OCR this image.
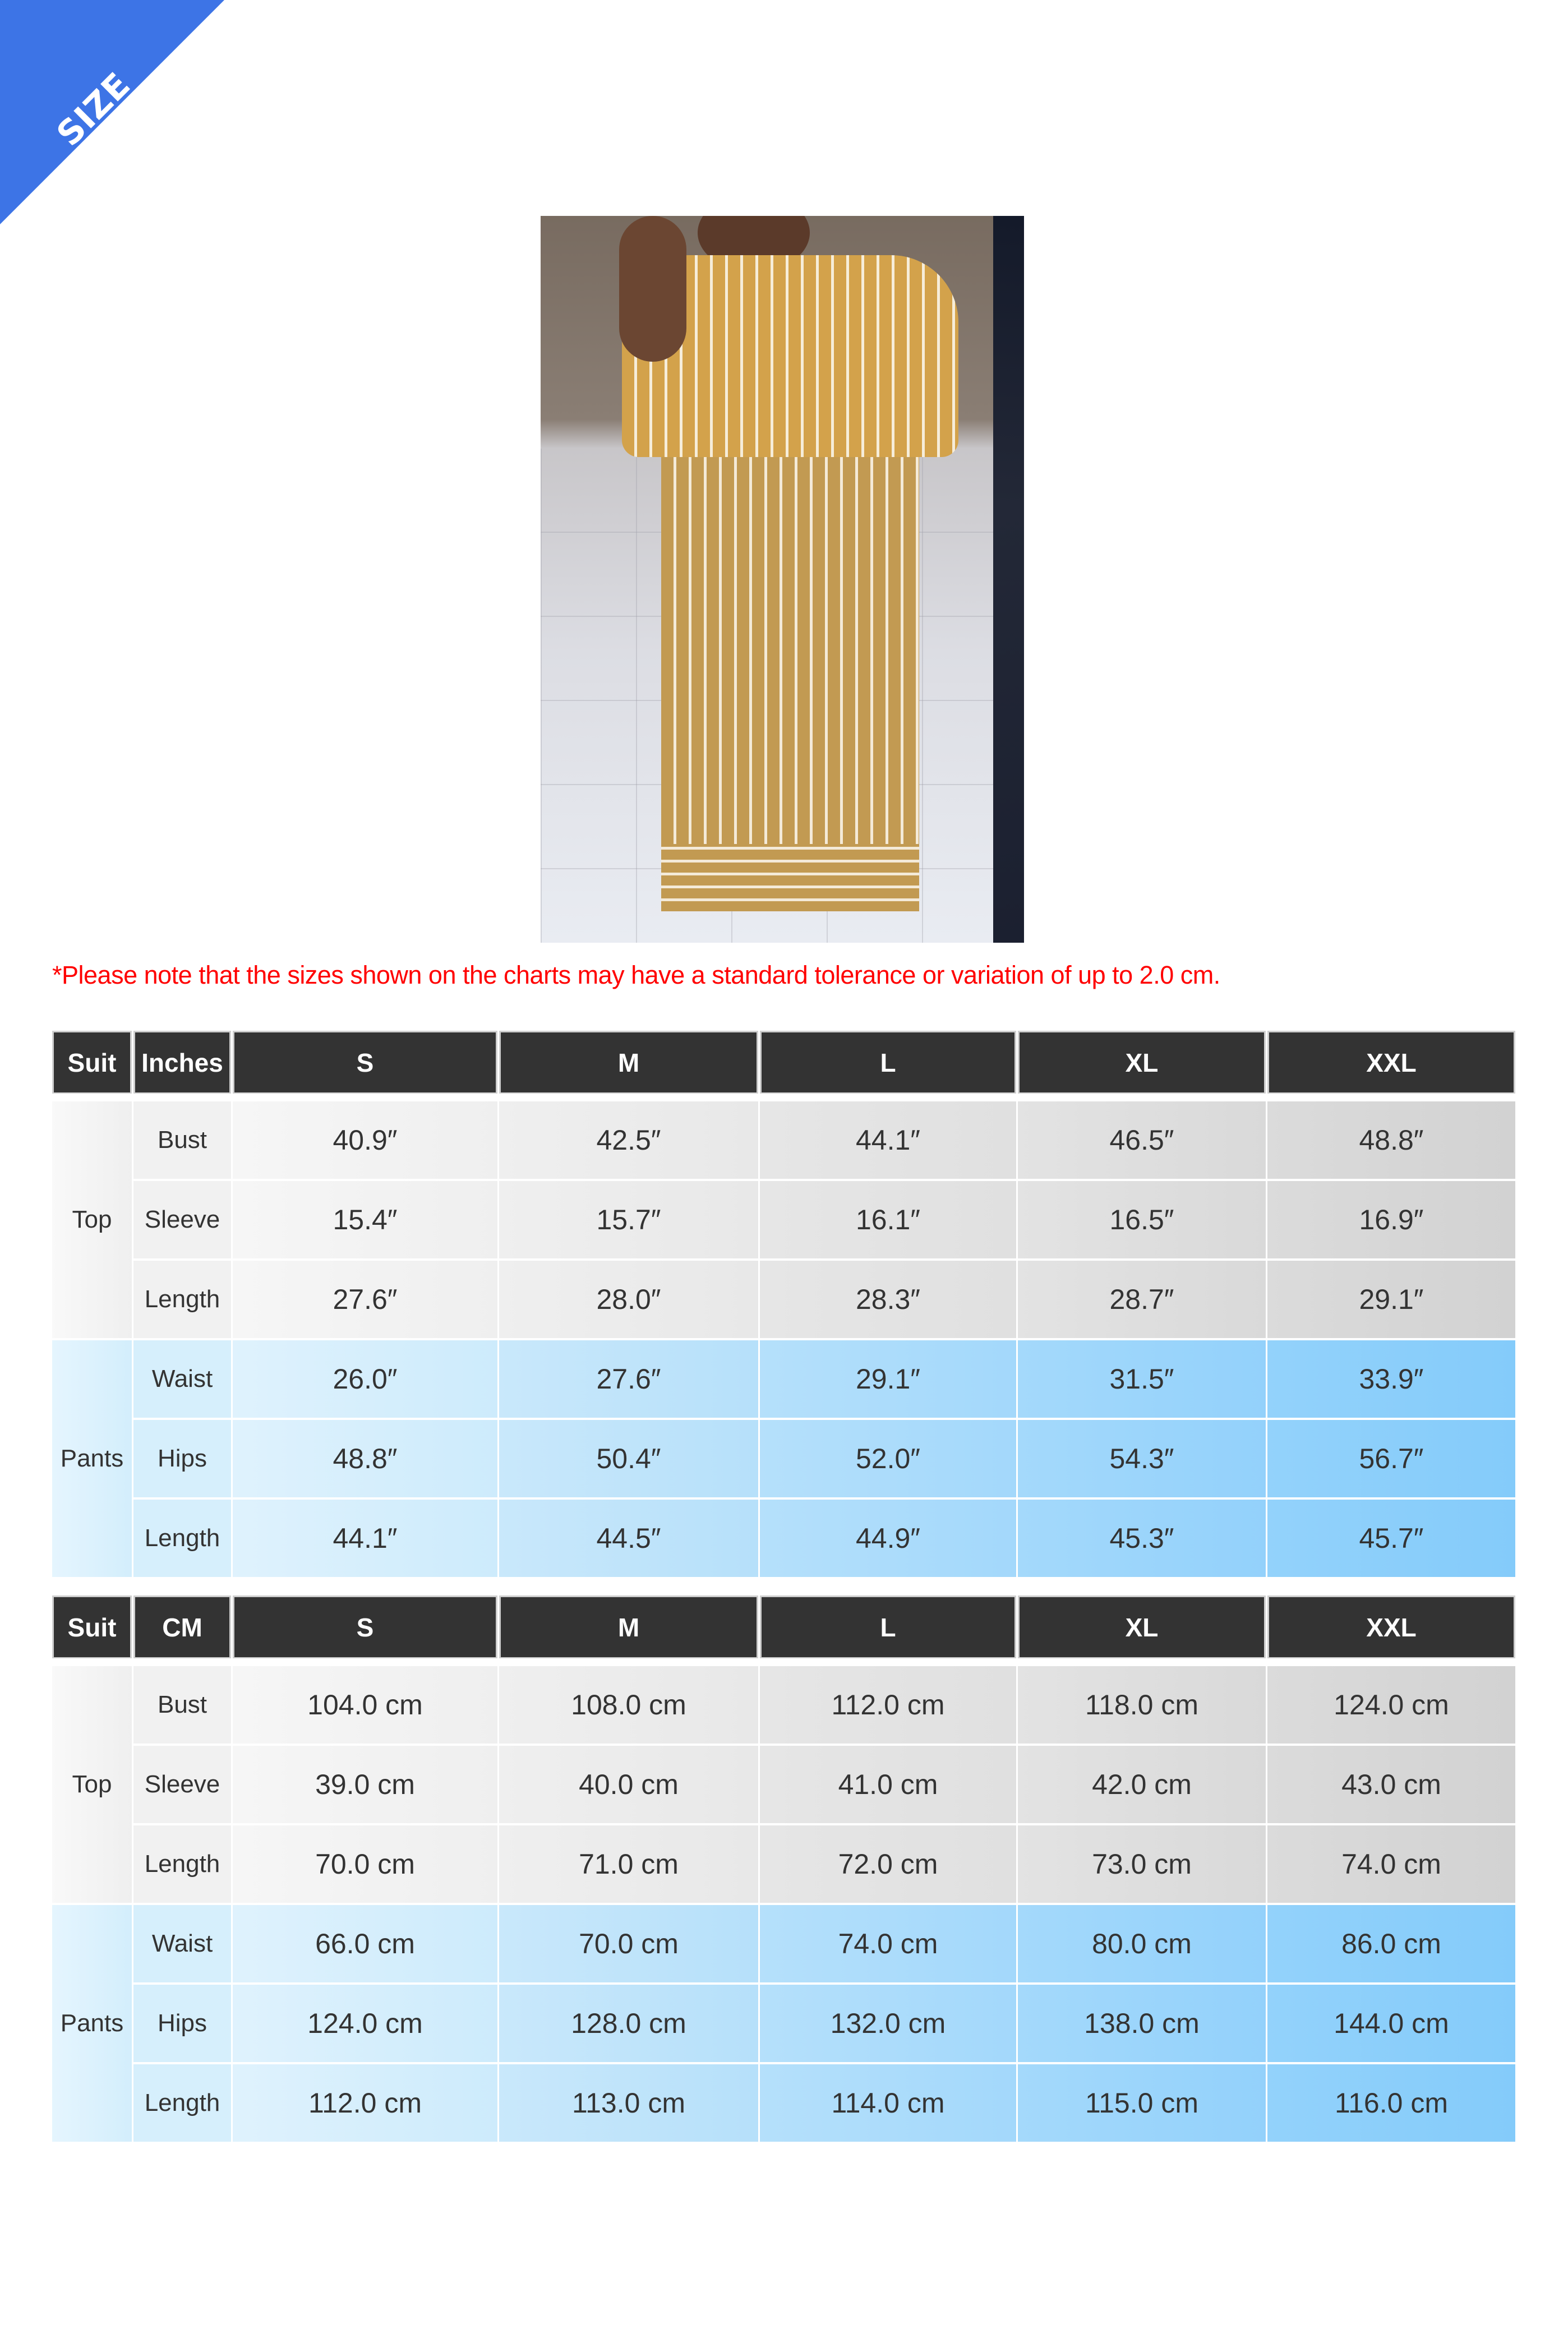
SIZE CHART
*Please note that the sizes shown on the charts may have a standard tolerance or variation of up to 2.0 cm.
Suit Inches	S	M	L	XL	XXL
Top
Bust	40.9″	42.5″	44.1″	46.5″	48.8″
Sleeve	15.4″	15.7″	16.1″	16.5″	16.9″
Length	27.6″	28.0″	28.3″	28.7″	29.1″
Pants
Waist	26.0″	27.6″	29.1″	31.5″	33.9″
Hips	48.8″	50.4″	52.0″	54.3″	56.7″
Length	44.1″	44.5″	44.9″	45.3″	45.7″
Suit	CM	S	M	L	XL	XXL
Top
Bust	104.0 cm	108.0 cm	112.0 cm	118.0 cm	124.0 cm
Sleeve	39.0 cm	40.0 cm	41.0 cm	42.0 cm	43.0 cm
Length	70.0 cm	71.0 cm	72.0 cm	73.0 cm	74.0 cm
Pants
Waist	66.0 cm	70.0 cm	74.0 cm	80.0 cm	86.0 cm
Hips	124.0 cm	128.0 cm	132.0 cm	138.0 cm	144.0 cm
Length	112.0 cm	113.0 cm	114.0 cm	115.0 cm	116.0 cm
